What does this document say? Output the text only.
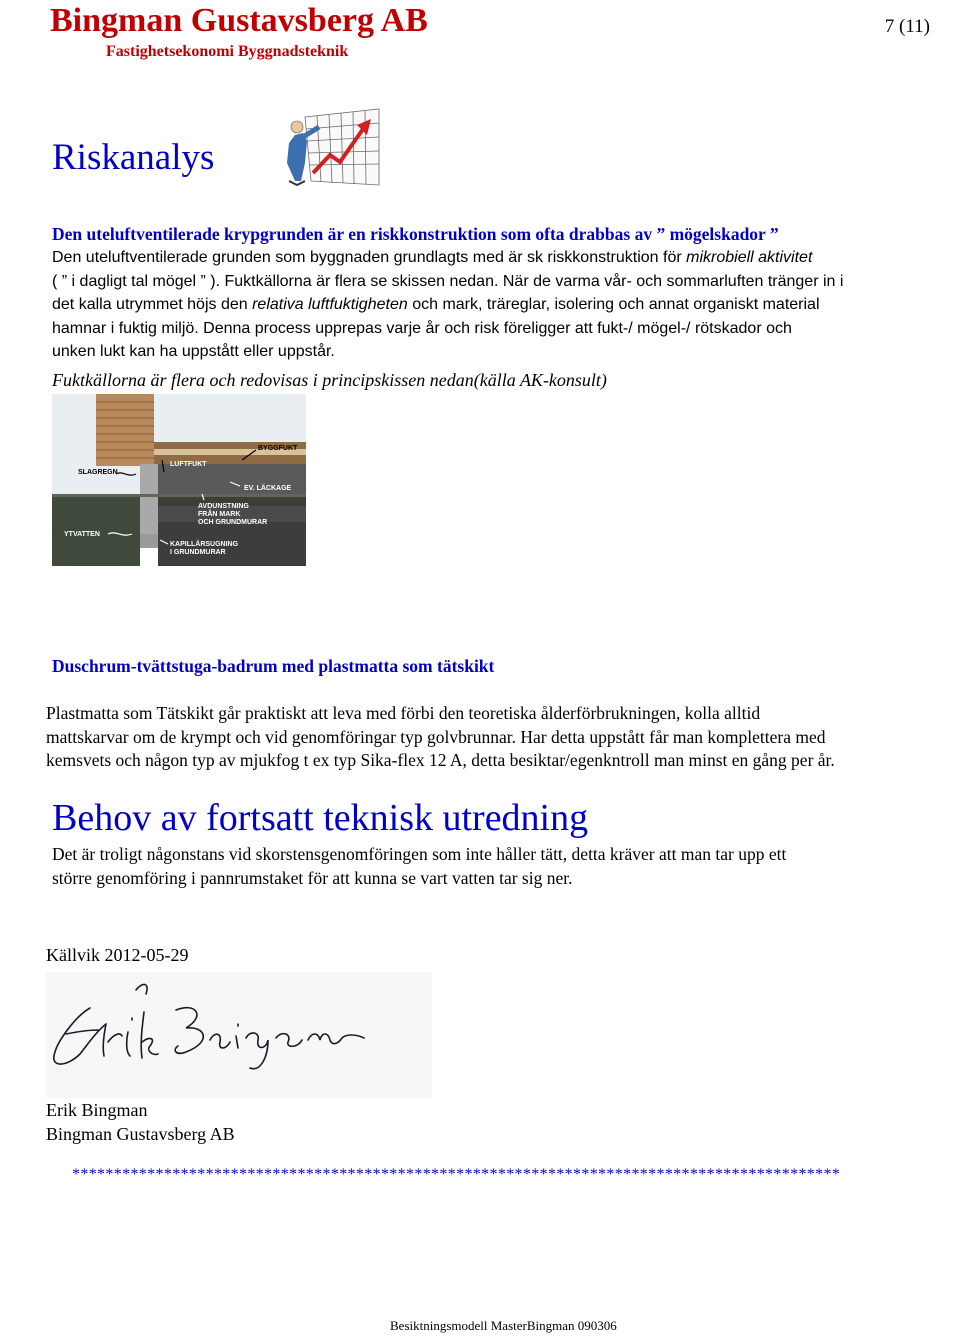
Bingman Gustavsberg AB
Fastighetsekonomi Byggnadsteknik
7 (11)
Riskanalys
Den uteluftventilerade krypgrunden är en riskkonstruktion som ofta drabbas av ” mögelskador ”

Den uteluftventilerade grunden som byggnaden grundlagts med är sk riskkonstruktion för mikrobiell aktivitet

( ” i dagligt tal mögel ” ). Fuktkällorna är flera se skissen nedan. När de varma vår- och sommarluften tränger in i

det kalla utrymmet höjs den relativa luftfuktigheten och mark, träreglar, isolering och annat organiskt material

hamnar i fuktig miljö. Denna process upprepas varje år och risk föreligger att fukt-/ mögel-/ rötskador och

unken lukt kan ha uppstått eller uppstår.

Fuktkällorna är flera och redovisas i principskissen nedan(källa AK-konsult)
BYGGFUKT
LUFTFUKT
SLAGREGN
EV. LÄCKAGE
AVDUNSTNING
FRÅN MARK
OCH GRUNDMURAR
YTVATTEN
KAPILLÄRSUGNING
I GRUNDMURAR
Duschrum-tvättstuga-badrum med plastmatta som tätskikt

Plastmatta som Tätskikt går praktiskt att leva med förbi den teoretiska ålderförbrukningen, kolla alltid

mattskarvar om de krympt och vid genomföringar typ golvbrunnar. Har detta uppstått får man komplettera med

kemsvets och någon typ av mjukfog t ex typ Sika-flex 12 A, detta besiktar/egenkntroll man minst en gång per år.

Behov av fortsatt teknisk utredning

Det är troligt någonstans vid skorstensgenomföringen som inte håller tätt, detta kräver att man tar upp ett

större genomföring i pannrumstaket för att kunna se vart vatten tar sig ner.

Källvik 2012-05-29

Erik Bingman

Bingman Gustavsberg AB

********************************************************************************************
Besiktningsmodell MasterBingman 090306
